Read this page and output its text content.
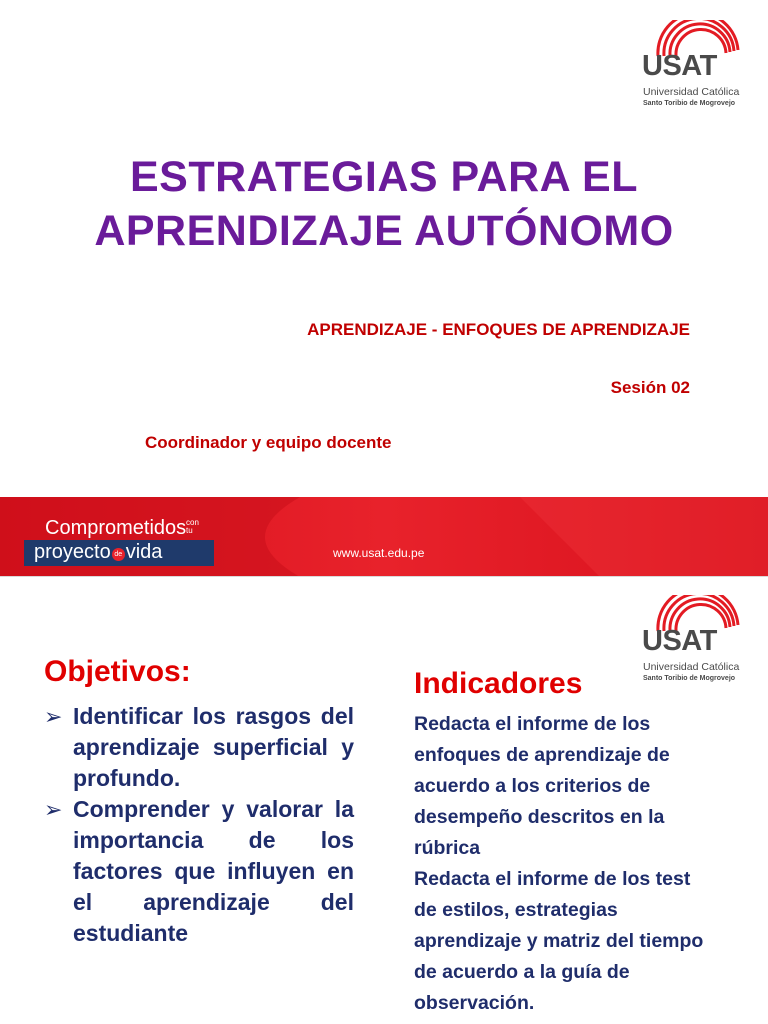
USAT
Universidad Católica
Santo Toribio de Mogrovejo
ESTRATEGIAS PARA EL
APRENDIZAJE AUTÓNOMO
APRENDIZAJE - ENFOQUES DE APRENDIZAJE
Sesión 02
Coordinador y equipo docente
Comprometidos con
tu
proyecto de vida	www.usat.edu.pe
USAT
Universidad Católica
Santo Toribio de Mogrovejo
Objetivos:
➢ Identificar los rasgos del aprendizaje superficial y profundo.
➢ Comprender y valorar la importancia de los factores que influyen en el aprendizaje del estudiante
Indicadores
Redacta el informe de los enfoques de aprendizaje de acuerdo a los criterios de desempeño descritos en la rúbrica
Redacta el informe de los test de estilos, estrategias aprendizaje y matriz del tiempo de acuerdo a la guía de observación.
